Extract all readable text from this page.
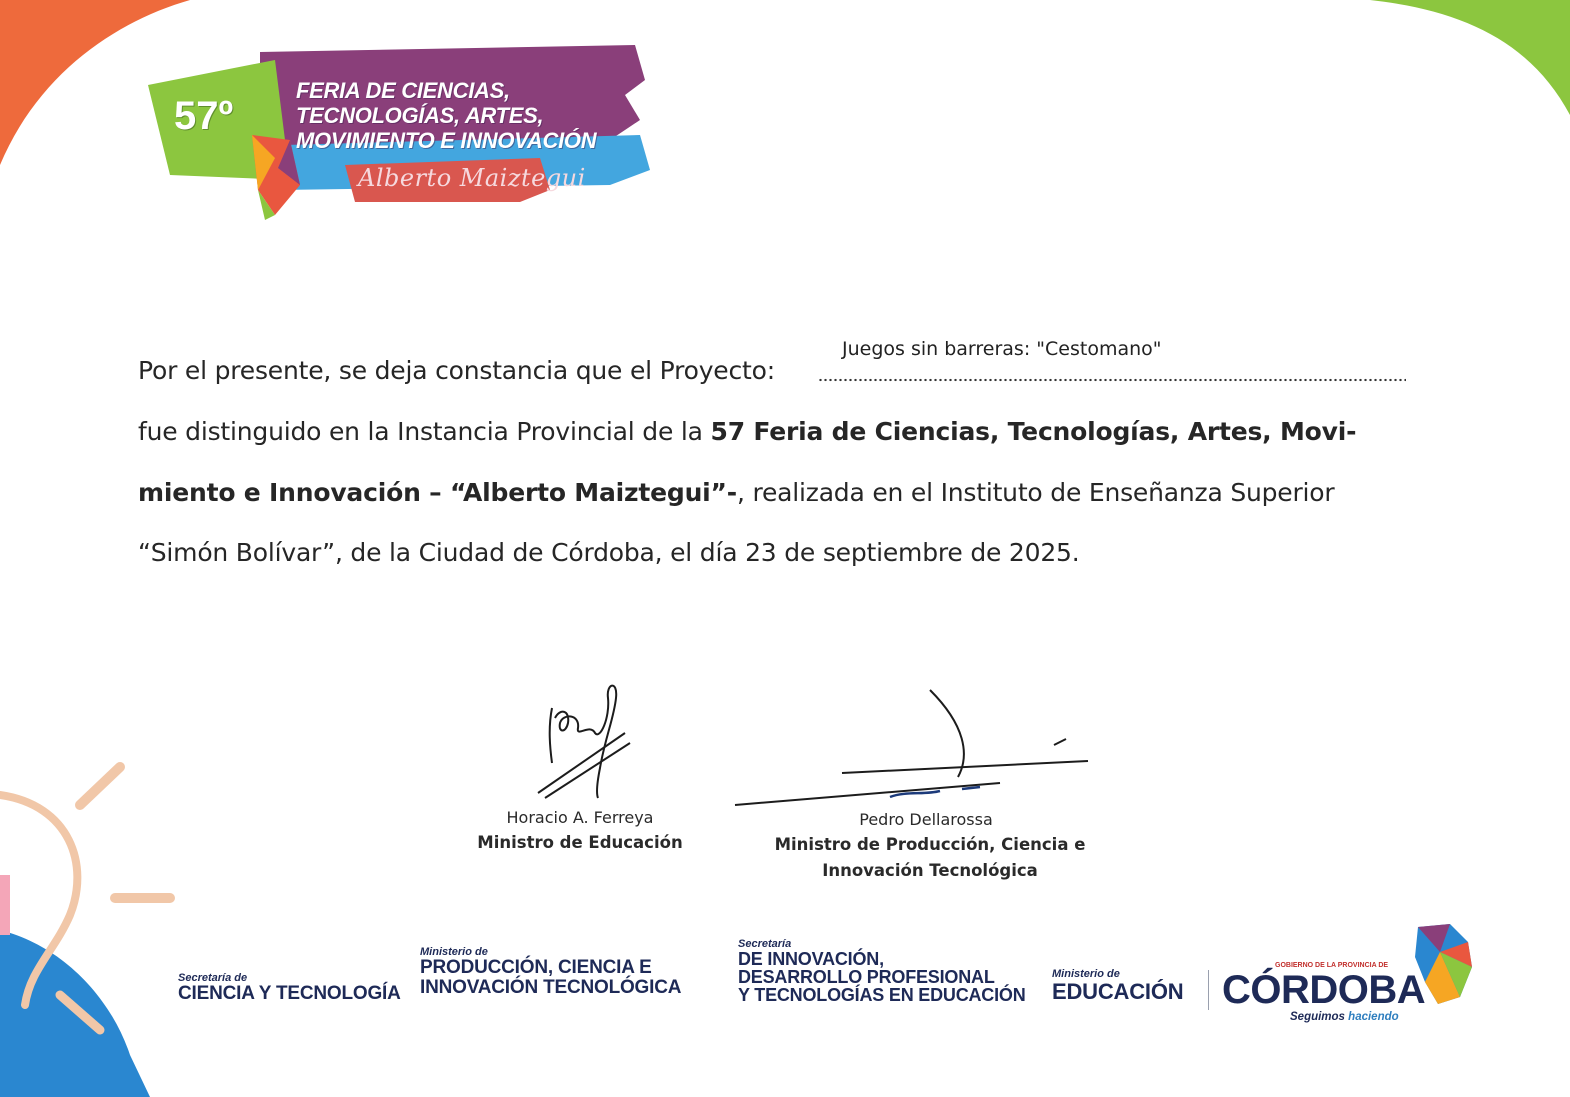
57º
FERIA DE CIENCIAS,
TECNOLOGÍAS, ARTES,
MOVIMIENTO E INNOVACIÓN
Alberto Maiztegui
Juegos sin barreras: "Cestomano"
Por el presente, se deja constancia que el Proyecto:
fue distinguido en la Instancia Provincial de la 57 Feria de Ciencias, Tecnologías, Artes, Movi-
miento e Innovación – “Alberto Maiztegui”-, realizada en el Instituto de Enseñanza Superior
“Simón Bolívar”, de la Ciudad de Córdoba, el día 23 de septiembre de 2025.
Horacio A. Ferreya
Ministro de Educación
Pedro Dellarossa
Ministro de Producción, Ciencia e
Innovación Tecnológica
Secretaría de
CIENCIA Y TECNOLOGÍA
Ministerio de
PRODUCCIÓN, CIENCIA E
INNOVACIÓN TECNOLÓGICA
Secretaría
DE INNOVACIÓN,
DESARROLLO PROFESIONAL
Y TECNOLOGÍAS EN EDUCACIÓN
Ministerio de
EDUCACIÓN
GOBIERNO DE LA PROVINCIA DE
CÓRDOBA
Seguimos haciendo
